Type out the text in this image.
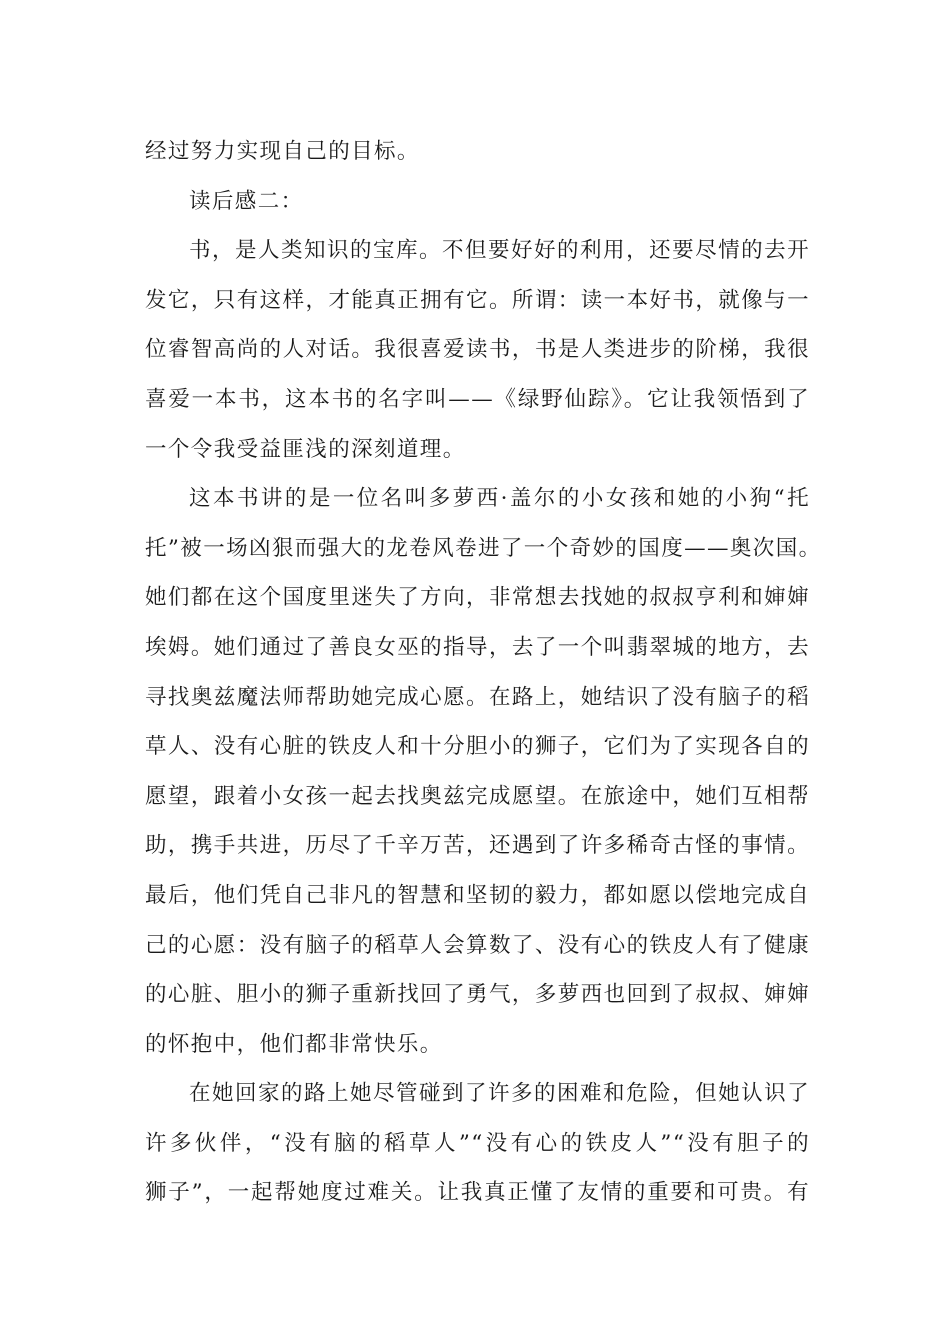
经过努力实现自己的目标。
读后感二：
书，是人类知识的宝库。不但要好好的利用，还要尽情的去开
发它，只有这样，才能真正拥有它。所谓：读一本好书，就像与一
位睿智高尚的人对话。我很喜爱读书，书是人类进步的阶梯，我很
喜爱一本书，这本书的名字叫——《绿野仙踪》。它让我领悟到了
一个令我受益匪浅的深刻道理。
这本书讲的是一位名叫多萝西·盖尔的小女孩和她的小狗“托
托”被一场凶狠而强大的龙卷风卷进了一个奇妙的国度——奥次国。
她们都在这个国度里迷失了方向，非常想去找她的叔叔亨利和婶婶
埃姆。她们通过了善良女巫的指导，去了一个叫翡翠城的地方，去
寻找奥兹魔法师帮助她完成心愿。在路上，她结识了没有脑子的稻
草人、没有心脏的铁皮人和十分胆小的狮子，它们为了实现各自的
愿望，跟着小女孩一起去找奥兹完成愿望。在旅途中，她们互相帮
助，携手共进，历尽了千辛万苦，还遇到了许多稀奇古怪的事情。
最后，他们凭自己非凡的智慧和坚韧的毅力，都如愿以偿地完成自
己的心愿：没有脑子的稻草人会算数了、没有心的铁皮人有了健康
的心脏、胆小的狮子重新找回了勇气，多萝西也回到了叔叔、婶婶
的怀抱中，他们都非常快乐。
在她回家的路上她尽管碰到了许多的困难和危险，但她认识了
许多伙伴，“没有脑的稻草人”“没有心的铁皮人”“没有胆子的
狮子”，一起帮她度过难关。让我真正懂了友情的重要和可贵。有
